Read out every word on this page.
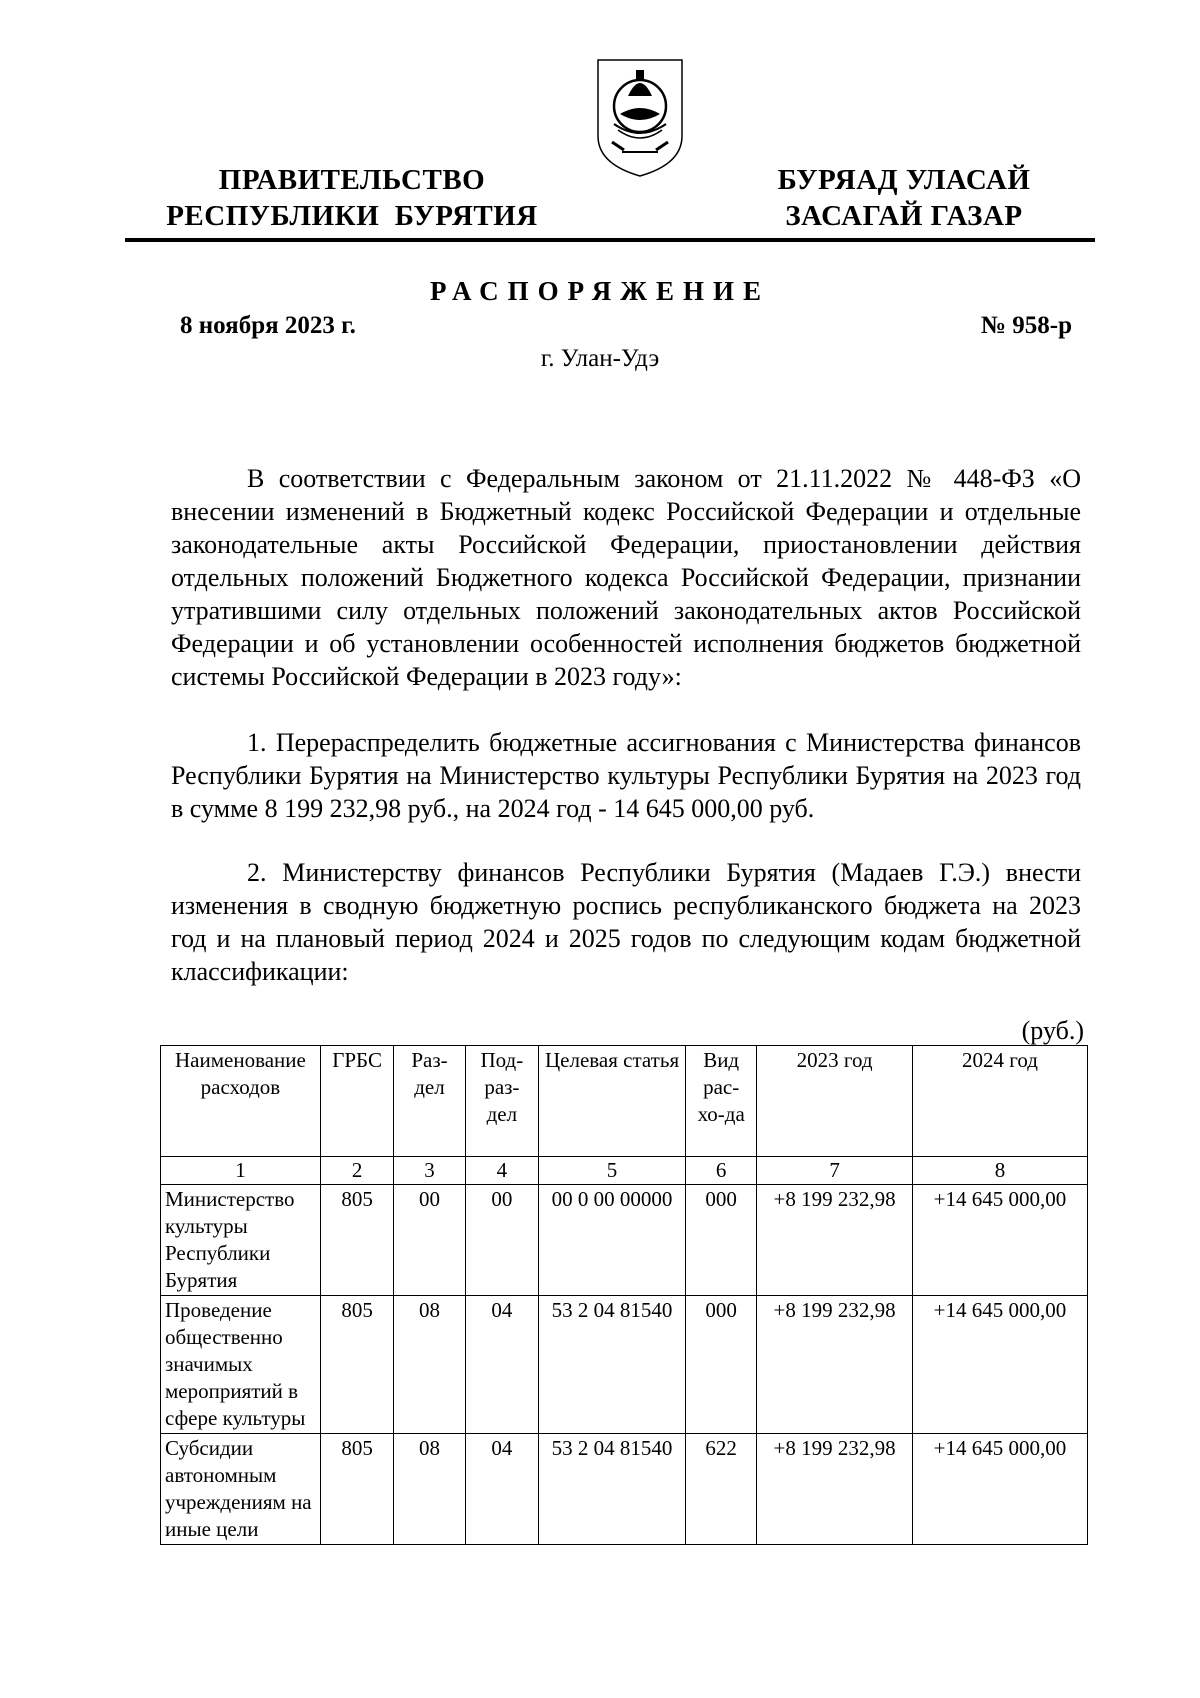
ПРАВИТЕЛЬСТВО
РЕСПУБЛИКИ  БУРЯТИЯ
БУРЯАД УЛАСАЙ
ЗАСАГАЙ ГАЗАР
РАСПОРЯЖЕНИЕ
8 ноября 2023 г.	№ 958-р
г. Улан-Удэ
В соответствии с Федеральным законом от 21.11.2022 № 448-ФЗ «О внесении изменений в Бюджетный кодекс Российской Федерации и отдельные законодательные акты Российской Федерации, приостановлении действия отдельных положений Бюджетного кодекса Российской Федерации, признании утратившими силу отдельных положений законодательных актов Российской Федерации и об установлении особенностей исполнения бюджетов бюджетной системы Российской Федерации в 2023 году»:
1. Перераспределить бюджетные ассигнования с Министерства финансов Республики Бурятия на Министерство культуры Республики Бурятия на 2023 год в сумме 8 199 232,98 руб., на 2024 год - 14 645 000,00 руб.
2. Министерству финансов Республики Бурятия (Мадаев Г.Э.) внести изменения в сводную бюджетную роспись республиканского бюджета на 2023 год и на плановый период 2024 и 2025 годов по следующим кодам бюджетной классификации:
(руб.)
Наименование расходов	ГРБС	Раз-дел	Под-раз-дел	Целевая статья	Вид рас-хо-да	2023 год	2024 год
1	2	3	4	5	6	7	8
Министерство культуры Республики Бурятия	805	00	00	00 0 00 00000	000	+8 199 232,98	+14 645 000,00
Проведение общественно значимых мероприятий в сфере культуры	805	08	04	53 2 04 81540	000	+8 199 232,98	+14 645 000,00
Субсидии автономным учреждениям на иные цели	805	08	04	53 2 04 81540	622	+8 199 232,98	+14 645 000,00
